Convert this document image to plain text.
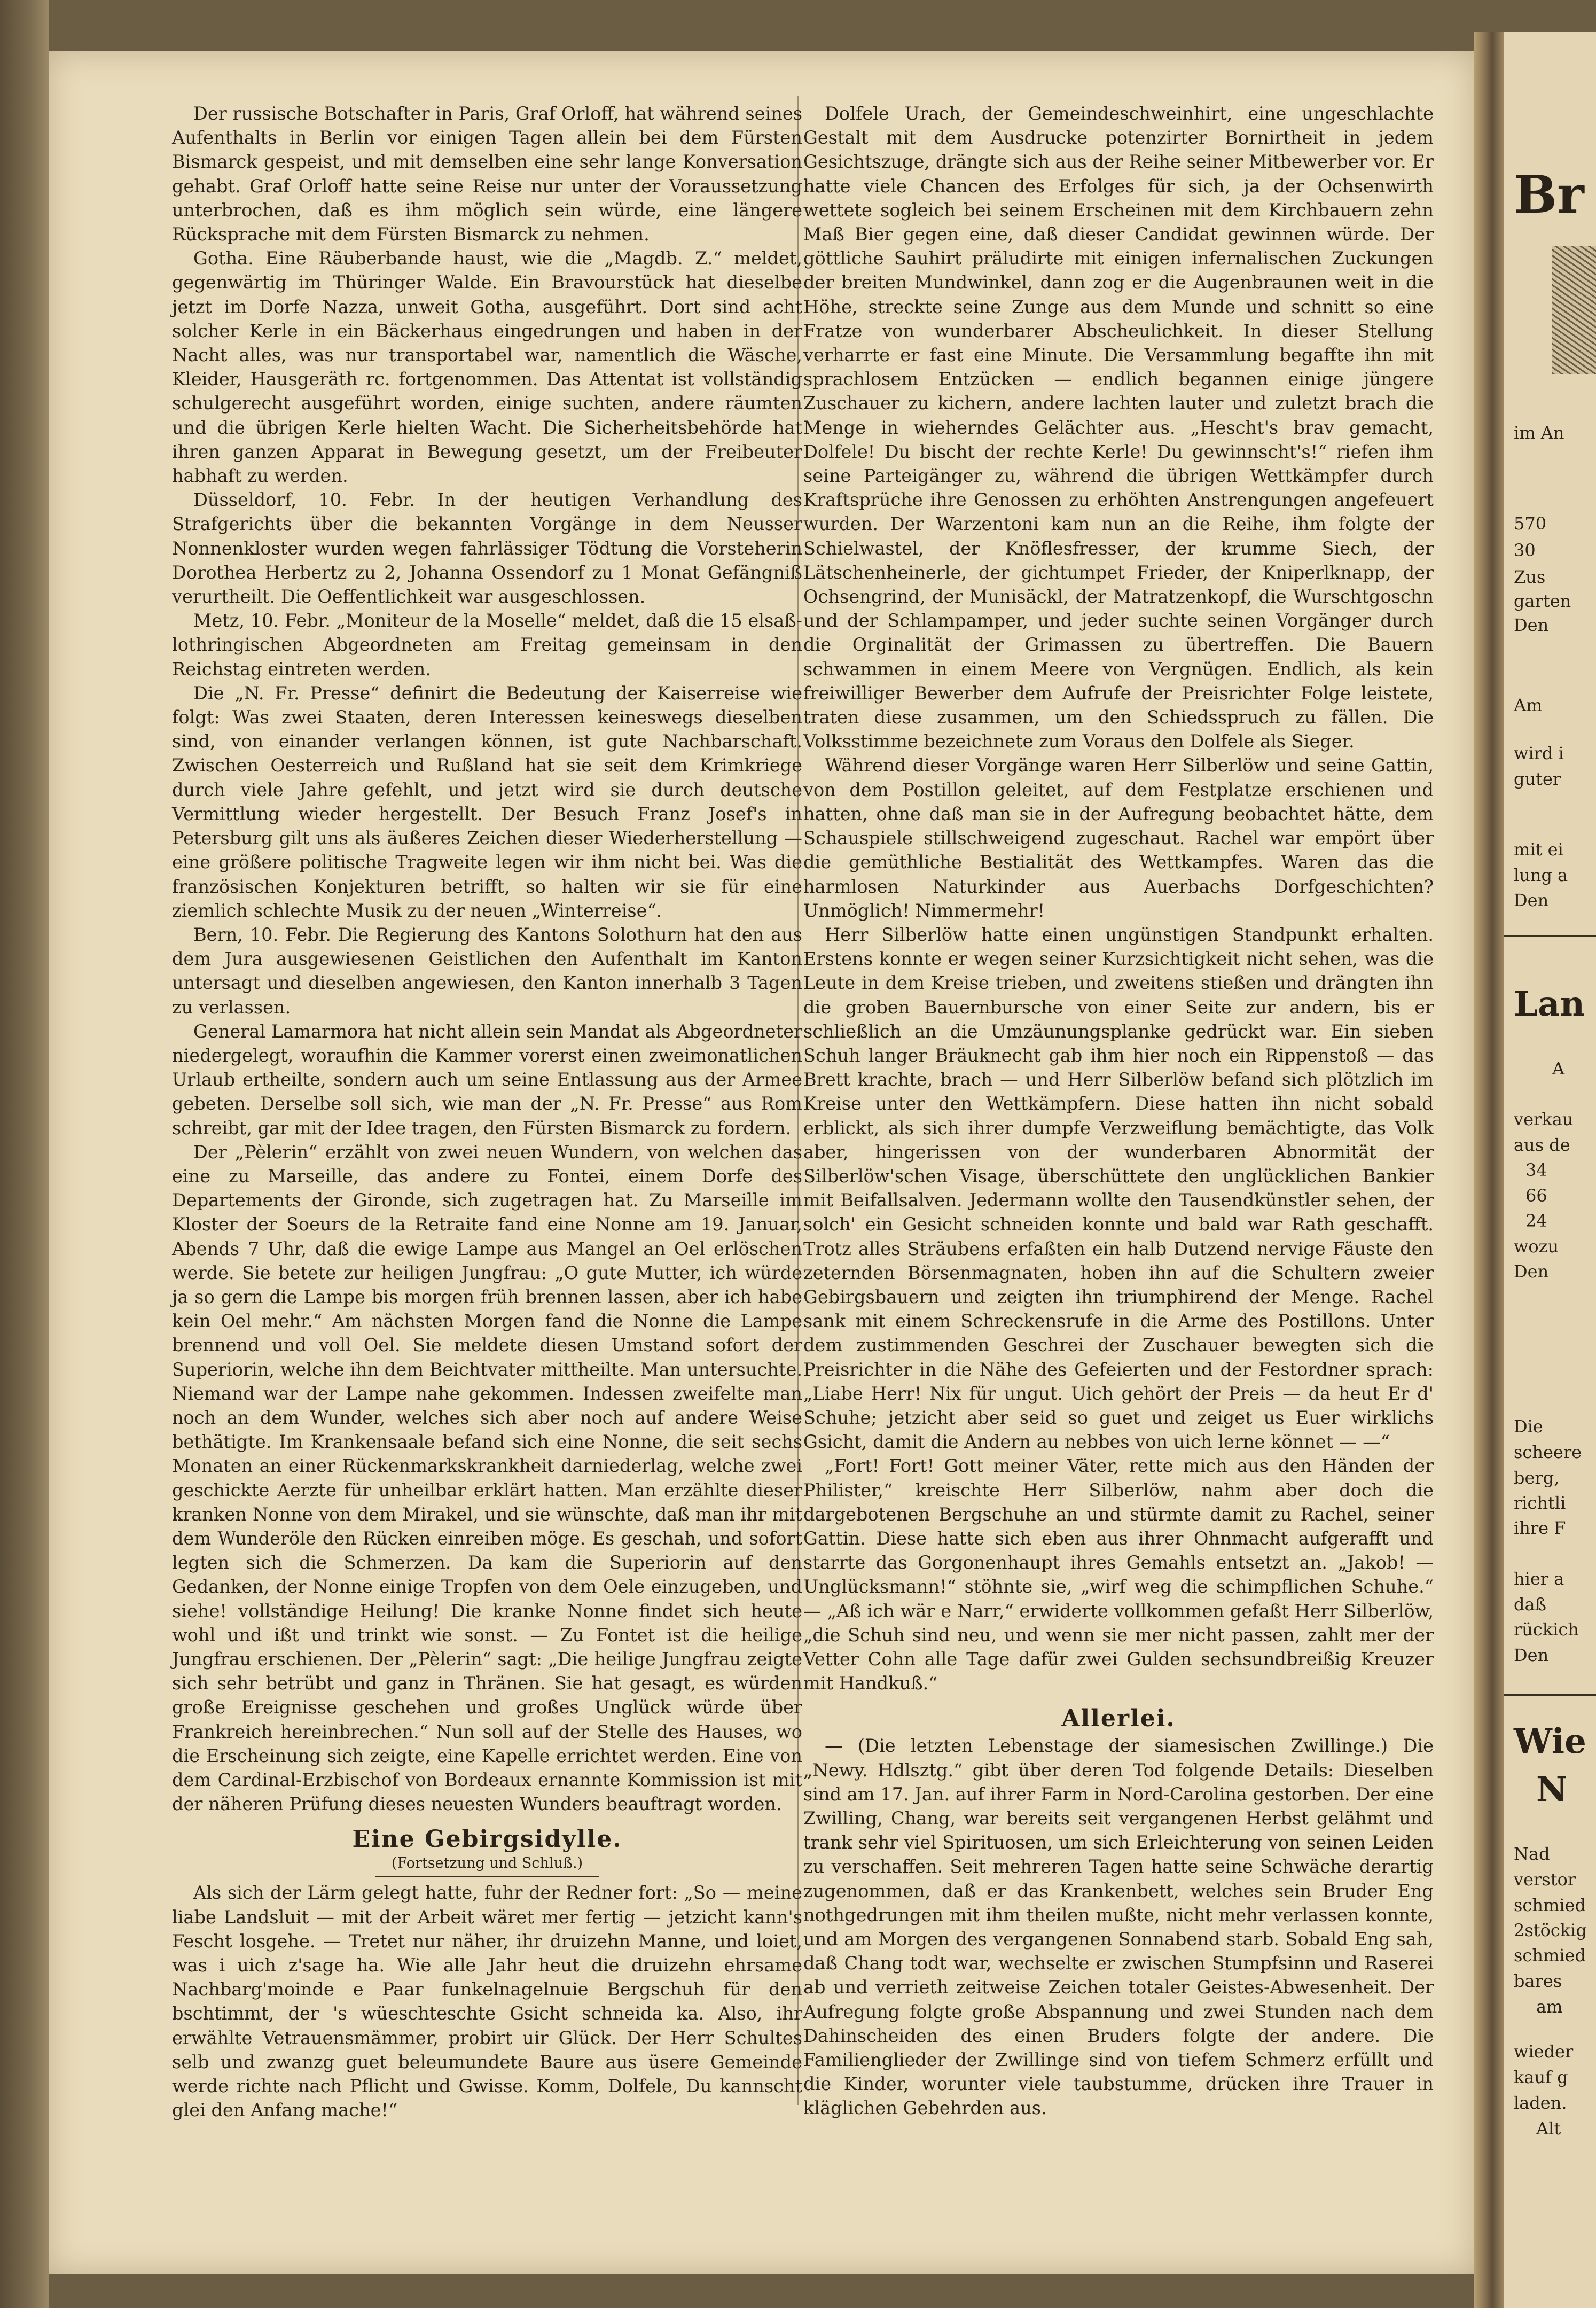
Der russische Botschafter in Paris, Graf Orloff, hat während seines Aufenthalts in Berlin vor einigen Tagen allein bei dem Fürsten Bismarck gespeist, und mit demselben eine sehr lange Konversation gehabt. Graf Orloff hatte seine Reise nur unter der Voraussetzung unterbrochen, daß es ihm möglich sein würde, eine längere Rücksprache mit dem Fürsten Bismarck zu nehmen.

Gotha. Eine Räuberbande haust, wie die „Magdb. Z.“ meldet, gegenwärtig im Thüringer Walde. Ein Bravourstück hat dieselbe jetzt im Dorfe Nazza, unweit Gotha, ausgeführt. Dort sind acht solcher Kerle in ein Bäckerhaus eingedrungen und haben in der Nacht alles, was nur transportabel war, namentlich die Wäsche, Kleider, Hausgeräth rc. fortgenommen. Das Attentat ist vollständig schulgerecht ausgeführt worden, einige suchten, andere räumten und die übrigen Kerle hielten Wacht. Die Sicherheitsbehörde hat ihren ganzen Apparat in Bewegung gesetzt, um der Freibeuter habhaft zu werden.

Düsseldorf, 10. Febr. In der heutigen Verhandlung des Strafgerichts über die bekannten Vorgänge in dem Neusser Nonnenkloster wurden wegen fahrlässiger Tödtung die Vorsteherin Dorothea Herbertz zu 2, Johanna Ossendorf zu 1 Monat Gefängniß verurtheilt. Die Oeffentlichkeit war ausgeschlossen.

Metz, 10. Febr. „Moniteur de la Moselle“ meldet, daß die 15 elsaß-lothringischen Abgeordneten am Freitag gemeinsam in den Reichstag eintreten werden.

Die „N. Fr. Presse“ definirt die Bedeutung der Kaiserreise wie folgt: Was zwei Staaten, deren Interessen keineswegs dieselben sind, von einander verlangen können, ist gute Nachbarschaft. Zwischen Oesterreich und Rußland hat sie seit dem Krimkriege durch viele Jahre gefehlt, und jetzt wird sie durch deutsche Vermittlung wieder hergestellt. Der Besuch Franz Josef's in Petersburg gilt uns als äußeres Zeichen dieser Wiederherstellung — eine größere politische Tragweite legen wir ihm nicht bei. Was die französischen Konjekturen betrifft, so halten wir sie für eine ziemlich schlechte Musik zu der neuen „Winterreise“.

Bern, 10. Febr. Die Regierung des Kantons Solothurn hat den aus dem Jura ausgewiesenen Geistlichen den Aufenthalt im Kanton untersagt und dieselben angewiesen, den Kanton innerhalb 3 Tagen zu verlassen.

General Lamarmora hat nicht allein sein Mandat als Abgeordneter niedergelegt, woraufhin die Kammer vorerst einen zweimonatlichen Urlaub ertheilte, sondern auch um seine Entlassung aus der Armee gebeten. Derselbe soll sich, wie man der „N. Fr. Presse“ aus Rom schreibt, gar mit der Idee tragen, den Fürsten Bismarck zu fordern.

Der „Pèlerin“ erzählt von zwei neuen Wundern, von welchen das eine zu Marseille, das andere zu Fontei, einem Dorfe des Departements der Gironde, sich zugetragen hat. Zu Marseille im Kloster der Soeurs de la Retraite fand eine Nonne am 19. Januar, Abends 7 Uhr, daß die ewige Lampe aus Mangel an Oel erlöschen werde. Sie betete zur heiligen Jungfrau: „O gute Mutter, ich würde ja so gern die Lampe bis morgen früh brennen lassen, aber ich habe kein Oel mehr.“ Am nächsten Morgen fand die Nonne die Lampe brennend und voll Oel. Sie meldete diesen Umstand sofort der Superiorin, welche ihn dem Beichtvater mittheilte. Man untersuchte. Niemand war der Lampe nahe gekommen. Indessen zweifelte man noch an dem Wunder, welches sich aber noch auf andere Weise bethätigte. Im Krankensaale befand sich eine Nonne, die seit sechs Monaten an einer Rückenmarkskrankheit darniederlag, welche zwei geschickte Aerzte für unheilbar erklärt hatten. Man erzählte dieser kranken Nonne von dem Mirakel, und sie wünschte, daß man ihr mit dem Wunderöle den Rücken einreiben möge. Es geschah, und sofort legten sich die Schmerzen. Da kam die Superiorin auf den Gedanken, der Nonne einige Tropfen von dem Oele einzugeben, und siehe! vollständige Heilung! Die kranke Nonne findet sich heute wohl und ißt und trinkt wie sonst. — Zu Fontet ist die heilige Jungfrau erschienen. Der „Pèlerin“ sagt: „Die heilige Jungfrau zeigte sich sehr betrübt und ganz in Thränen. Sie hat gesagt, es würden große Ereignisse geschehen und großes Unglück würde über Frankreich hereinbrechen.“ Nun soll auf der Stelle des Hauses, wo die Erscheinung sich zeigte, eine Kapelle errichtet werden. Eine von dem Cardinal-Erzbischof von Bordeaux ernannte Kommission ist mit der näheren Prüfung dieses neuesten Wunders beauftragt worden.

Eine Gebirgsidylle.
(Fortsetzung und Schluß.)

Als sich der Lärm gelegt hatte, fuhr der Redner fort: „So — meine liabe Landsluit — mit der Arbeit wäret mer fertig — jetzicht kann's Fescht losgehe. — Tretet nur näher, ihr druizehn Manne, und loiet, was i uich z'sage ha. Wie alle Jahr heut die druizehn ehrsame Nachbarg'moinde e Paar funkelnagelnuie Bergschuh für den bschtimmt, der 's wüeschteschte Gsicht schneida ka. Also, ihr erwählte Vetrauensmämmer, probirt uir Glück. Der Herr Schultes selb und zwanzg guet beleumundete Baure aus üsere Gemeinde werde richte nach Pflicht und Gwisse. Komm, Dolfele, Du kannscht glei den Anfang mache!“

Dolfele Urach, der Gemeindeschweinhirt, eine ungeschlachte Gestalt mit dem Ausdrucke potenzirter Bornirtheit in jedem Gesichtszuge, drängte sich aus der Reihe seiner Mitbewerber vor. Er hatte viele Chancen des Erfolges für sich, ja der Ochsenwirth wettete sogleich bei seinem Erscheinen mit dem Kirchbauern zehn Maß Bier gegen eine, daß dieser Candidat gewinnen würde. Der göttliche Sauhirt präludirte mit einigen infernalischen Zuckungen der breiten Mundwinkel, dann zog er die Augenbraunen weit in die Höhe, streckte seine Zunge aus dem Munde und schnitt so eine Fratze von wunderbarer Abscheulichkeit. In dieser Stellung verharrte er fast eine Minute. Die Versammlung begaffte ihn mit sprachlosem Entzücken — endlich begannen einige jüngere Zuschauer zu kichern, andere lachten lauter und zuletzt brach die Menge in wieherndes Gelächter aus. „Hescht's brav gemacht, Dolfele! Du bischt der rechte Kerle! Du gewinnscht's!“ riefen ihm seine Parteigänger zu, während die übrigen Wettkämpfer durch Kraftsprüche ihre Genossen zu erhöhten Anstrengungen angefeuert wurden. Der Warzentoni kam nun an die Reihe, ihm folgte der Schielwastel, der Knöflesfresser, der krumme Siech, der Lätschenheinerle, der gichtumpet Frieder, der Kniperlknapp, der Ochsengrind, der Munisäckl, der Matratzenkopf, die Wurschtgoschn und der Schlampamper, und jeder suchte seinen Vorgänger durch die Orginalität der Grimassen zu übertreffen. Die Bauern schwammen in einem Meere von Vergnügen. Endlich, als kein freiwilliger Bewerber dem Aufrufe der Preisrichter Folge leistete, traten diese zusammen, um den Schiedsspruch zu fällen. Die Volksstimme bezeichnete zum Voraus den Dolfele als Sieger.

Während dieser Vorgänge waren Herr Silberlöw und seine Gattin, von dem Postillon geleitet, auf dem Festplatze erschienen und hatten, ohne daß man sie in der Aufregung beobachtet hätte, dem Schauspiele stillschweigend zugeschaut. Rachel war empört über die gemüthliche Bestialität des Wettkampfes. Waren das die harmlosen Naturkinder aus Auerbachs Dorfgeschichten? Unmöglich! Nimmermehr!

Herr Silberlöw hatte einen ungünstigen Standpunkt erhalten. Erstens konnte er wegen seiner Kurzsichtigkeit nicht sehen, was die Leute in dem Kreise trieben, und zweitens stießen und drängten ihn die groben Bauernbursche von einer Seite zur andern, bis er schließlich an die Umzäunungsplanke gedrückt war. Ein sieben Schuh langer Bräuknecht gab ihm hier noch ein Rippenstoß — das Brett krachte, brach — und Herr Silberlöw befand sich plötzlich im Kreise unter den Wettkämpfern. Diese hatten ihn nicht sobald erblickt, als sich ihrer dumpfe Verzweiflung bemächtigte, das Volk aber, hingerissen von der wunderbaren Abnormität der Silberlöw'schen Visage, überschüttete den unglücklichen Bankier mit Beifallsalven. Jedermann wollte den Tausendkünstler sehen, der solch' ein Gesicht schneiden konnte und bald war Rath geschafft. Trotz alles Sträubens erfaßten ein halb Dutzend nervige Fäuste den zeternden Börsenmagnaten, hoben ihn auf die Schultern zweier Gebirgsbauern und zeigten ihn triumphirend der Menge. Rachel sank mit einem Schreckensrufe in die Arme des Postillons. Unter dem zustimmenden Geschrei der Zuschauer bewegten sich die Preisrichter in die Nähe des Gefeierten und der Festordner sprach: „Liabe Herr! Nix für ungut. Uich gehört der Preis — da heut Er d' Schuhe; jetzicht aber seid so guet und zeiget us Euer wirklichs Gsicht, damit die Andern au nebbes von uich lerne könnet — —“

„Fort! Fort! Gott meiner Väter, rette mich aus den Händen der Philister,“ kreischte Herr Silberlöw, nahm aber doch die dargebotenen Bergschuhe an und stürmte damit zu Rachel, seiner Gattin. Diese hatte sich eben aus ihrer Ohnmacht aufgerafft und starrte das Gorgonenhaupt ihres Gemahls entsetzt an. „Jakob! — Unglücksmann!“ stöhnte sie, „wirf weg die schimpflichen Schuhe.“ — „Aß ich wär e Narr,“ erwiderte vollkommen gefaßt Herr Silberlöw, „die Schuh sind neu, und wenn sie mer nicht passen, zahlt mer der Vetter Cohn alle Tage dafür zwei Gulden sechsundbreißig Kreuzer mit Handkuß.“

Allerlei.

— (Die letzten Lebenstage der siamesischen Zwillinge.) Die „Newy. Hdlsztg.“ gibt über deren Tod folgende Details: Dieselben sind am 17. Jan. auf ihrer Farm in Nord-Carolina gestorben. Der eine Zwilling, Chang, war bereits seit vergangenen Herbst gelähmt und trank sehr viel Spirituosen, um sich Erleichterung von seinen Leiden zu verschaffen. Seit mehreren Tagen hatte seine Schwäche derartig zugenommen, daß er das Krankenbett, welches sein Bruder Eng nothgedrungen mit ihm theilen mußte, nicht mehr verlassen konnte, und am Morgen des vergangenen Sonnabend starb. Sobald Eng sah, daß Chang todt war, wechselte er zwischen Stumpfsinn und Raserei ab und verrieth zeitweise Zeichen totaler Geistes-Abwesenheit. Der Aufregung folgte große Abspannung und zwei Stunden nach dem Dahinscheiden des einen Bruders folgte der andere. Die Familienglieder der Zwillinge sind von tiefem Schmerz erfüllt und die Kinder, worunter viele taubstumme, drücken ihre Trauer in kläglichen Gebehrden aus.

Br
im An
570
30
Zus
garten
Den
Am
wird i
guter
mit ei
lung a
Den
Lan
A
verkau
aus de
34
66
24
wozu
Den
Die
scheere
berg,
richtli
ihre F
hier a
daß
rückich
Den
Wie
N
Nad
verstor
schmied
2stöckig
schmied
bares
am
wieder
kauf g
laden.
Alt
